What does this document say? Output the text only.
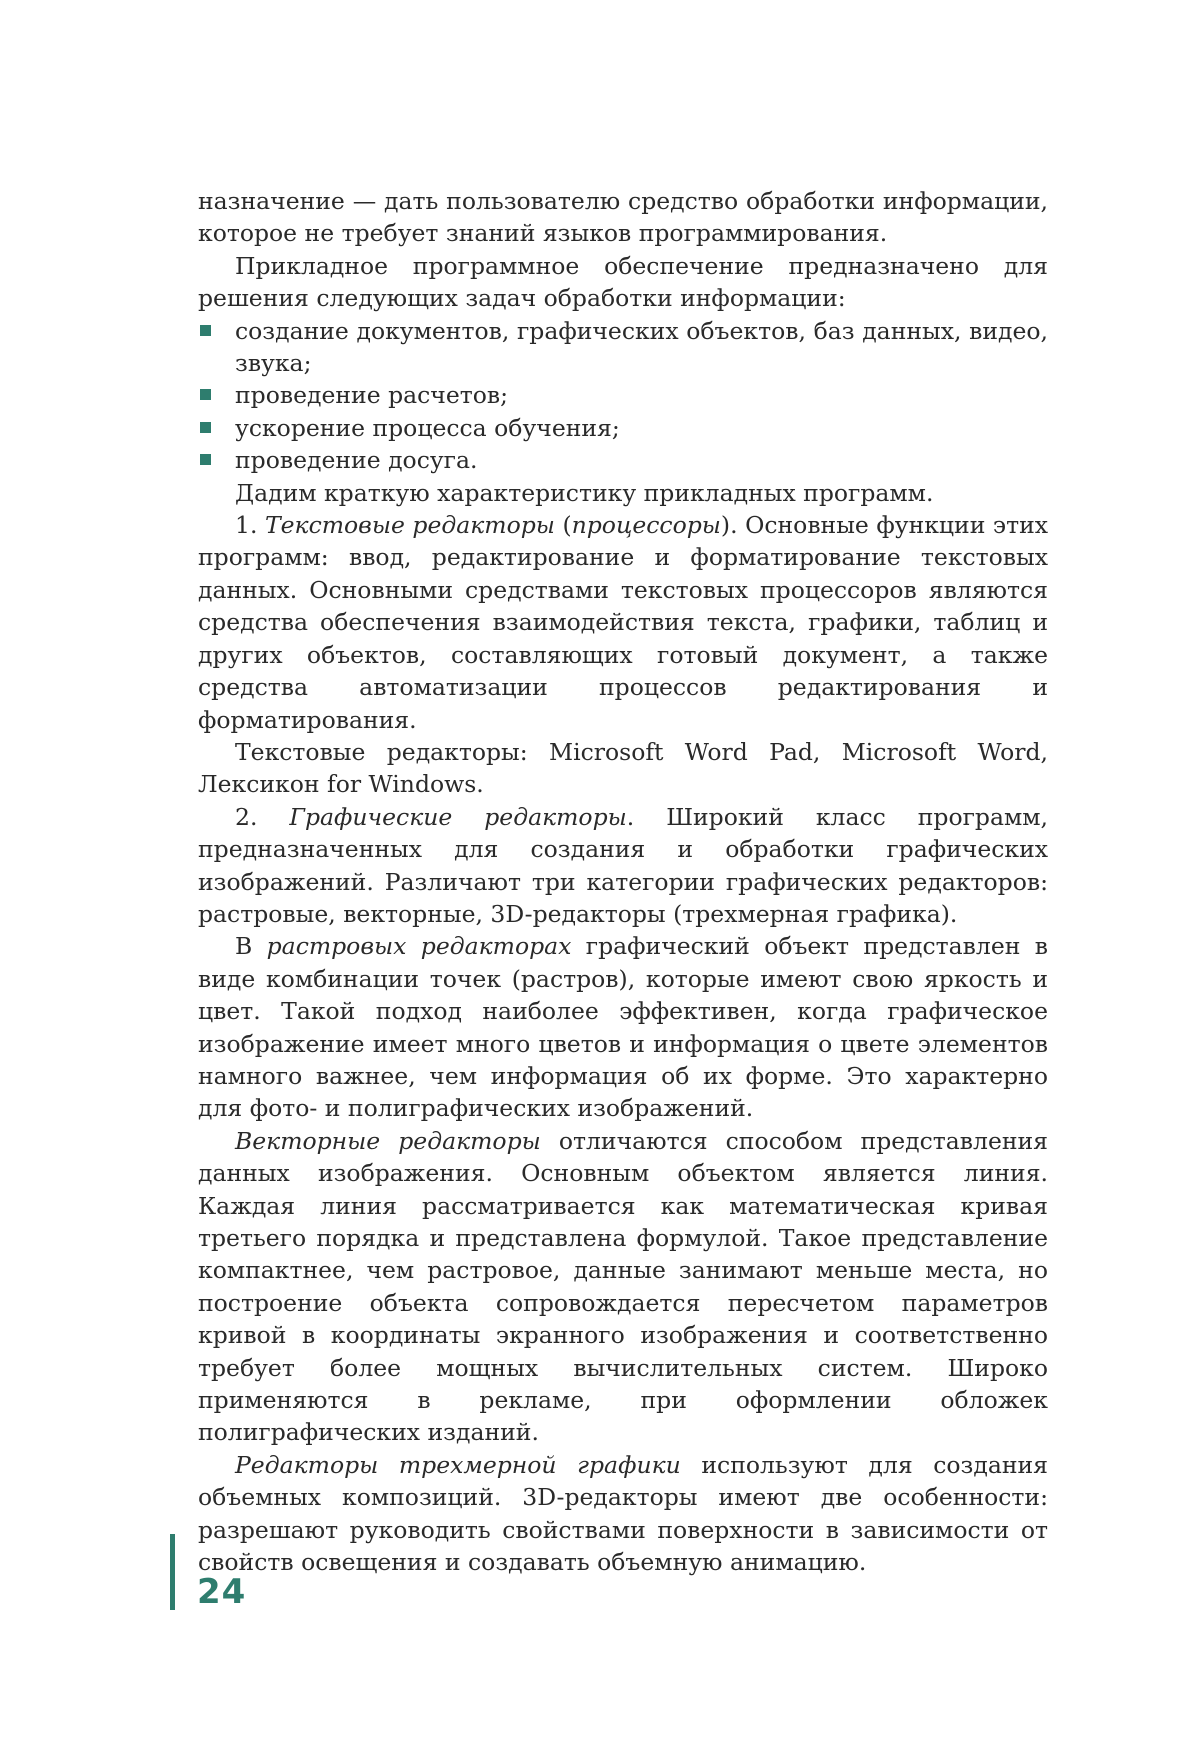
назначение — дать пользователю средство обработки информации, которое не требует знаний языков программирования.

Прикладное программное обеспечение предназначено для решения следующих задач обработки информации:

создание документов, графических объектов, баз данных, видео, звука;
проведение расчетов;
ускорение процесса обучения;
проведение досуга.

Дадим краткую характеристику прикладных программ.

1. Текстовые редакторы (процессоры). Основные функции этих программ: ввод, редактирование и форматирование текстовых данных. Основными средствами текстовых процессоров являются средства обеспечения взаимодействия текста, графики, таблиц и других объектов, составляющих готовый документ, а также средства автоматизации процессов редактирования и форматирования.

Текстовые редакторы: Microsoft Word Pad, Microsoft Word, Лексикон for Windows.

2. Графические редакторы. Широкий класс программ, предназначенных для создания и обработки графических изображений. Различают три категории графических редакторов: растровые, векторные, 3D-редакторы (трехмерная графика).

В растровых редакторах графический объект представлен в виде комбинации точек (растров), которые имеют свою яркость и цвет. Такой подход наиболее эффективен, когда графическое изображение имеет много цветов и информация о цвете элементов намного важнее, чем информация об их форме. Это характерно для фото- и полиграфических изображений.

Векторные редакторы отличаются способом представления данных изображения. Основным объектом является линия. Каждая линия рассматривается как математическая кривая третьего порядка и представлена формулой. Такое представление компактнее, чем растровое, данные занимают меньше места, но построение объекта сопровождается пересчетом параметров кривой в координаты экранного изображения и соответственно требует более мощных вычислительных систем. Широко применяются в рекламе, при оформлении обложек полиграфических изданий.

Редакторы трехмерной графики используют для создания объемных композиций. 3D-редакторы имеют две особенности: разрешают руководить свойствами поверхности в зависимости от свойств освещения и создавать объемную анимацию.

24
